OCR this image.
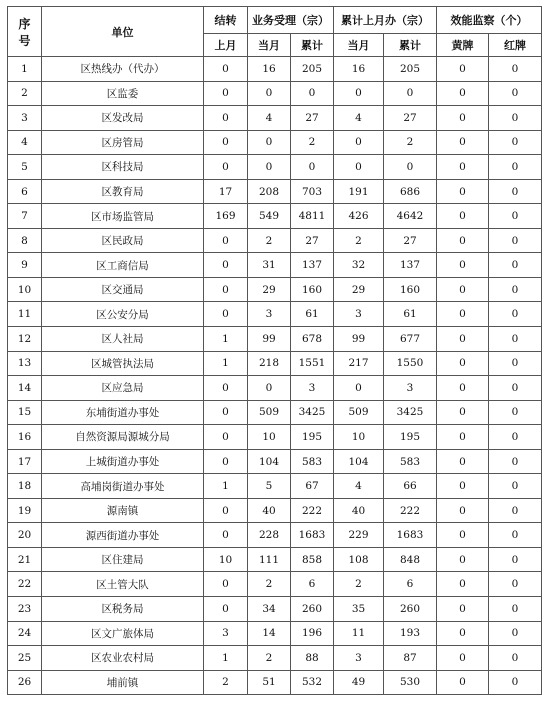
序
号	单位	结转	业务受理（宗）		累计上月办（宗）		效能监察（个）	
		上月	当月	累计	当月	累计	黄牌	红牌
1	区热线办（代办）	0	16	205	16	205	0	0
2	区监委	0	0	0	0	0	0	0
3	区发改局	0	4	27	4	27	0	0
4	区房管局	0	0	2	0	2	0	0
5	区科技局	0	0	0	0	0	0	0
6	区教育局	17	208	703	191	686	0	0
7	区市场监管局	169	549	4811	426	4642	0	0
8	区民政局	0	2	27	2	27	0	0
9	区工商信局	0	31	137	32	137	0	0
10	区交通局	0	29	160	29	160	0	0
11	区公安分局	0	3	61	3	61	0	0
12	区人社局	1	99	678	99	677	0	0
13	区城管执法局	1	218	1551	217	1550	0	0
14	区应急局	0	0	3	0	3	0	0
15	东埔街道办事处	0	509	3425	509	3425	0	0
16	自然资源局源城分局	0	10	195	10	195	0	0
17	上城街道办事处	0	104	583	104	583	0	0
18	高埔岗街道办事处	1	5	67	4	66	0	0
19	源南镇	0	40	222	40	222	0	0
20	源西街道办事处	0	228	1683	229	1683	0	0
21	区住建局	10	111	858	108	848	0	0
22	区土管大队	0	2	6	2	6	0	0
23	区税务局	0	34	260	35	260	0	0
24	区文广旅体局	3	14	196	11	193	0	0
25	区农业农村局	1	2	88	3	87	0	0
26	埔前镇	2	51	532	49	530	0	0
